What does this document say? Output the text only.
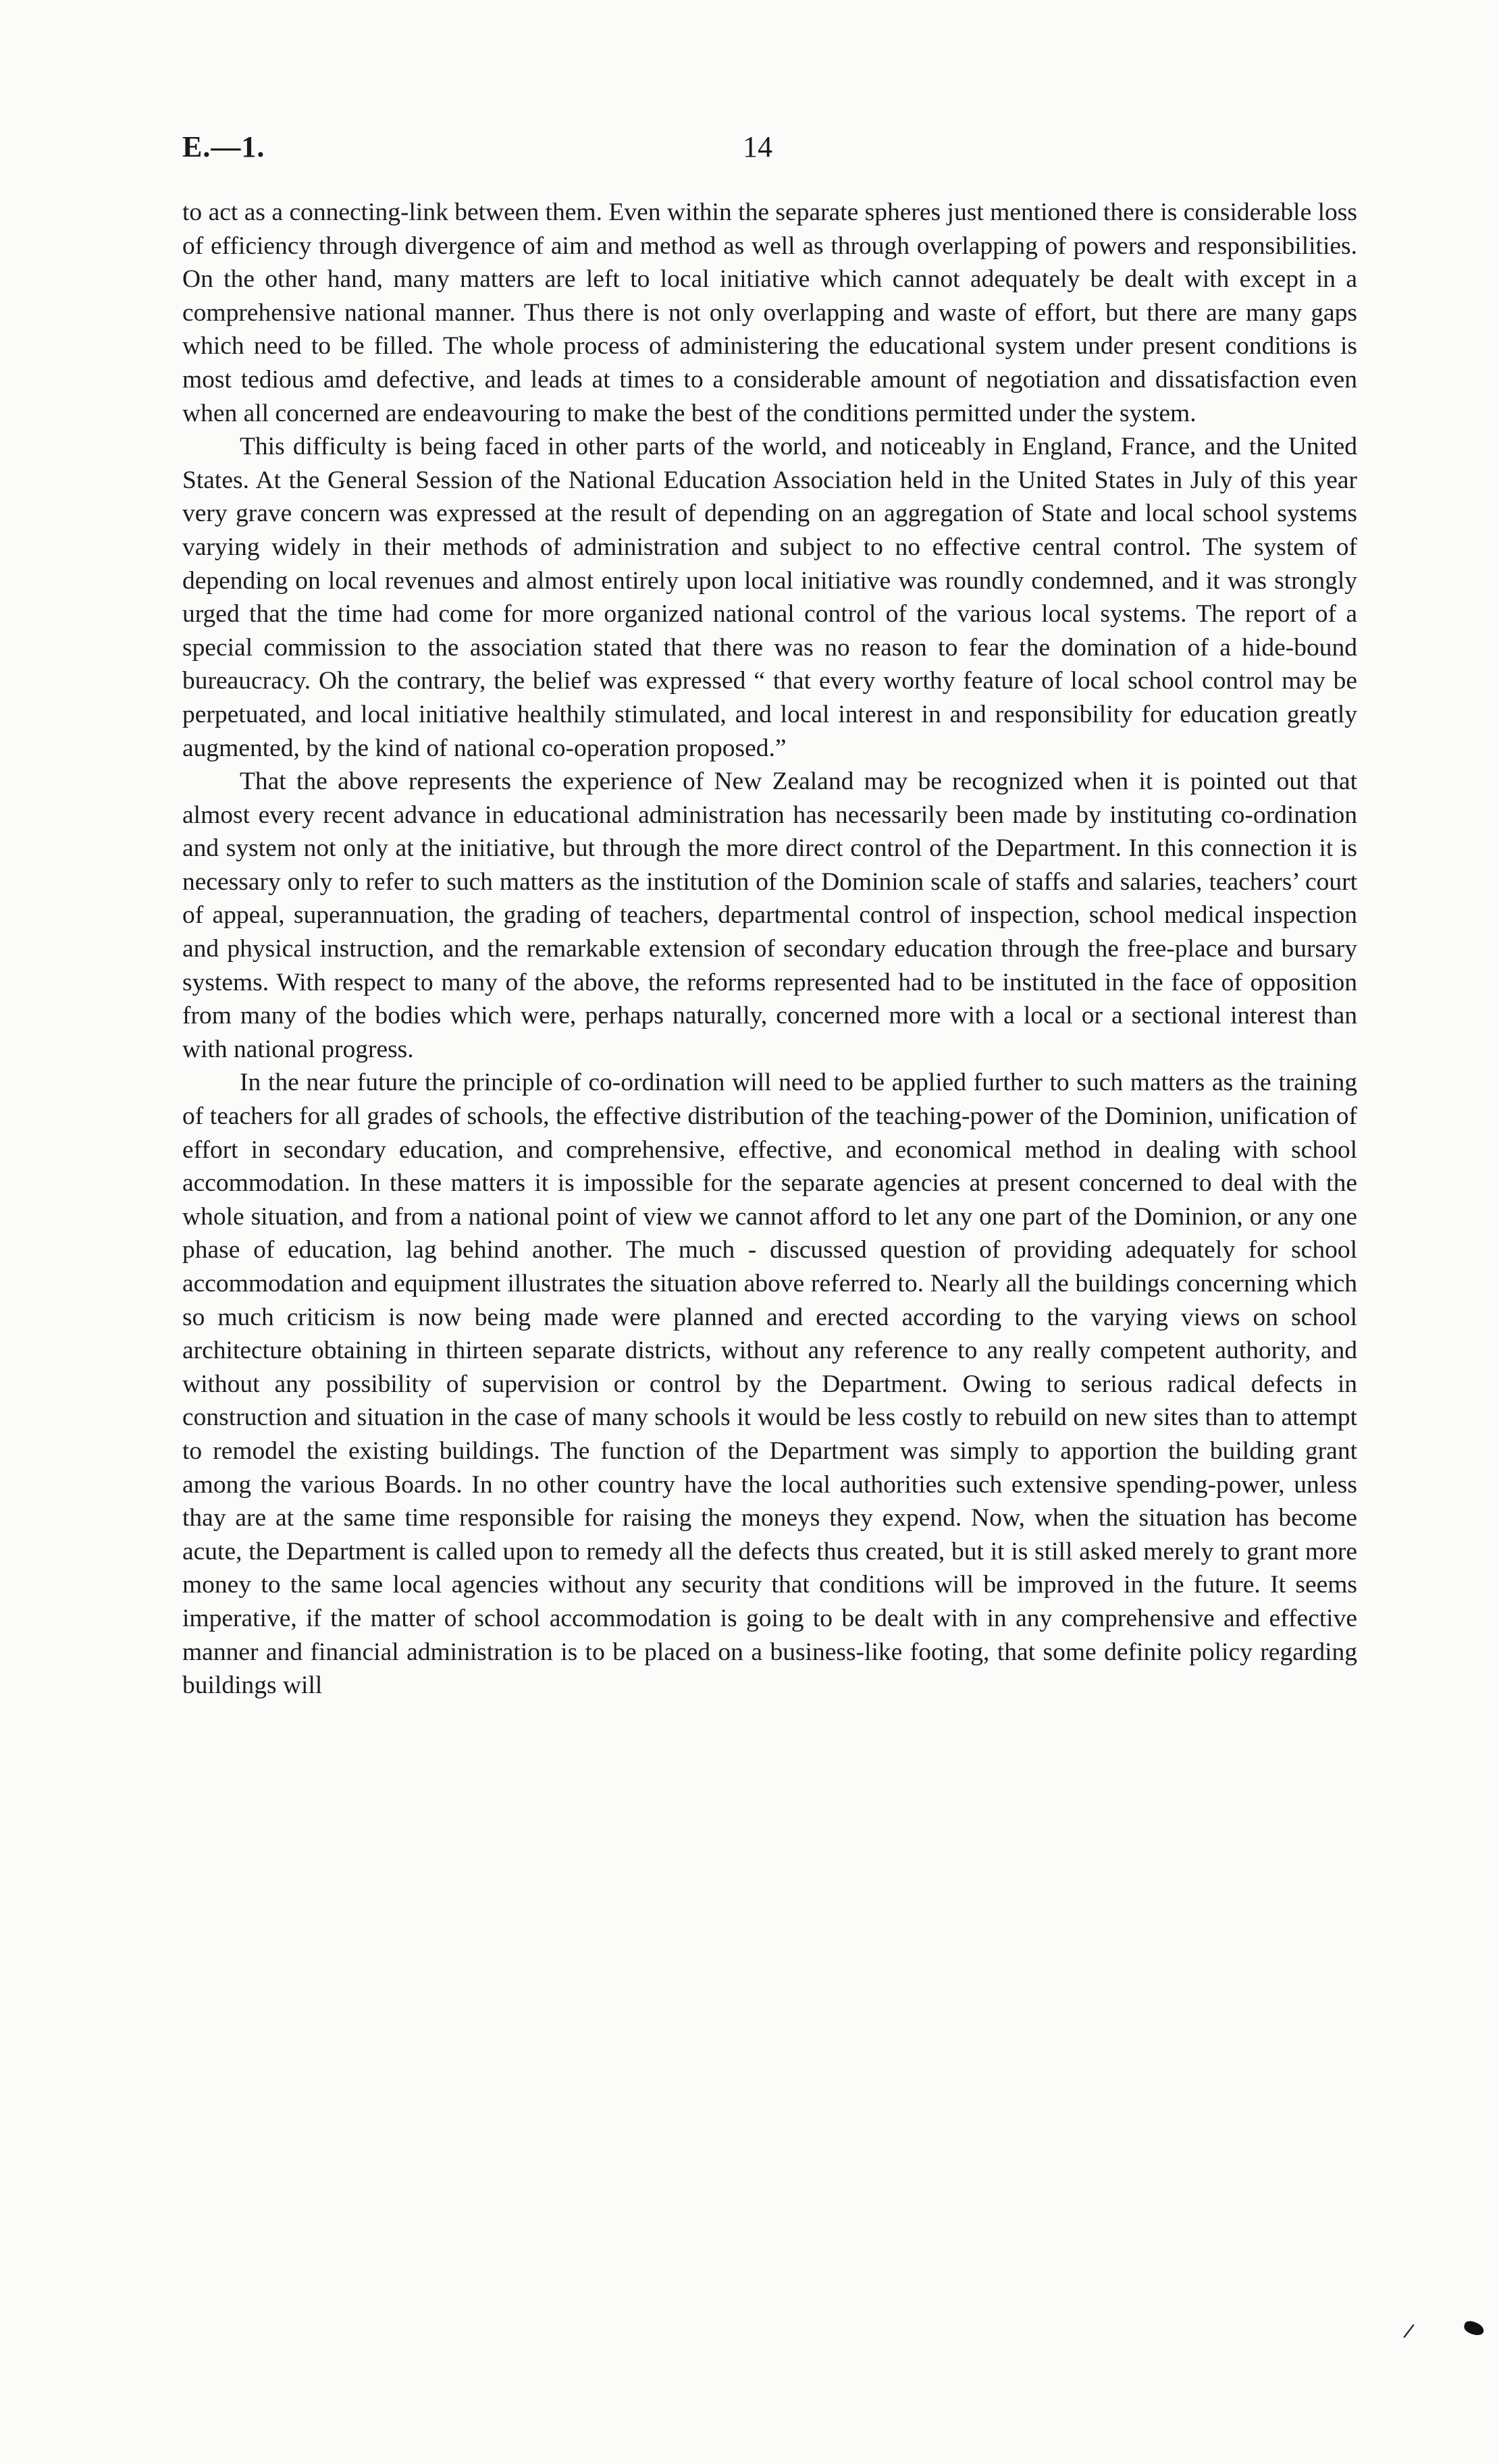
E.—1.	14

to act as a connecting-link between them. Even within the separate spheres just mentioned there is considerable loss of efficiency through divergence of aim and method as well as through overlapping of powers and responsibilities. On the other hand, many matters are left to local initiative which cannot adequately be dealt with except in a comprehensive national manner. Thus there is not only overlapping and waste of effort, but there are many gaps which need to be filled. The whole process of administering the educational system under present conditions is most tedious amd defective, and leads at times to a considerable amount of negotiation and dissatisfaction even when all concerned are endeavouring to make the best of the conditions permitted under the system.

This difficulty is being faced in other parts of the world, and noticeably in England, France, and the United States. At the General Session of the National Education Association held in the United States in July of this year very grave concern was expressed at the result of depending on an aggregation of State and local school systems varying widely in their methods of administration and subject to no effective central control. The system of depending on local revenues and almost entirely upon local initiative was roundly condemned, and it was strongly urged that the time had come for more organized national control of the various local systems. The report of a special commission to the association stated that there was no reason to fear the domination of a hide-bound bureaucracy. Oh the contrary, the belief was expressed “ that every worthy feature of local school control may be perpetuated, and local initiative healthily stimulated, and local interest in and responsibility for education greatly augmented, by the kind of national co-operation proposed.”

That the above represents the experience of New Zealand may be recognized when it is pointed out that almost every recent advance in educational administration has necessarily been made by instituting co-ordination and system not only at the initiative, but through the more direct control of the Department. In this connection it is necessary only to refer to such matters as the institution of the Dominion scale of staffs and salaries, teachers’ court of appeal, superannuation, the grading of teachers, departmental control of inspection, school medical inspection and physical instruction, and the remarkable extension of secondary education through the free-place and bursary systems. With respect to many of the above, the reforms represented had to be instituted in the face of opposition from many of the bodies which were, perhaps naturally, concerned more with a local or a sectional interest than with national progress.

In the near future the principle of co-ordination will need to be applied further to such matters as the training of teachers for all grades of schools, the effective distribution of the teaching-power of the Dominion, unification of effort in secondary education, and comprehensive, effective, and economical method in dealing with school accommodation. In these matters it is impossible for the separate agencies at present concerned to deal with the whole situation, and from a national point of view we cannot afford to let any one part of the Dominion, or any one phase of education, lag behind another. The much - discussed question of providing adequately for school accommodation and equipment illustrates the situation above referred to. Nearly all the buildings concerning which so much criticism is now being made were planned and erected according to the varying views on school architecture obtaining in thirteen separate districts, without any reference to any really competent authority, and without any possibility of supervision or control by the Department. Owing to serious radical defects in construction and situation in the case of many schools it would be less costly to rebuild on new sites than to attempt to remodel the existing buildings. The function of the Department was simply to apportion the building grant among the various Boards. In no other country have the local authorities such extensive spending-power, unless thay are at the same time responsible for raising the moneys they expend. Now, when the situation has become acute, the Department is called upon to remedy all the defects thus created, but it is still asked merely to grant more money to the same local agencies without any security that conditions will be improved in the future. It seems imperative, if the matter of school accommodation is going to be dealt with in any comprehensive and effective manner and financial administration is to be placed on a business-like footing, that some definite policy regarding buildings will

/
